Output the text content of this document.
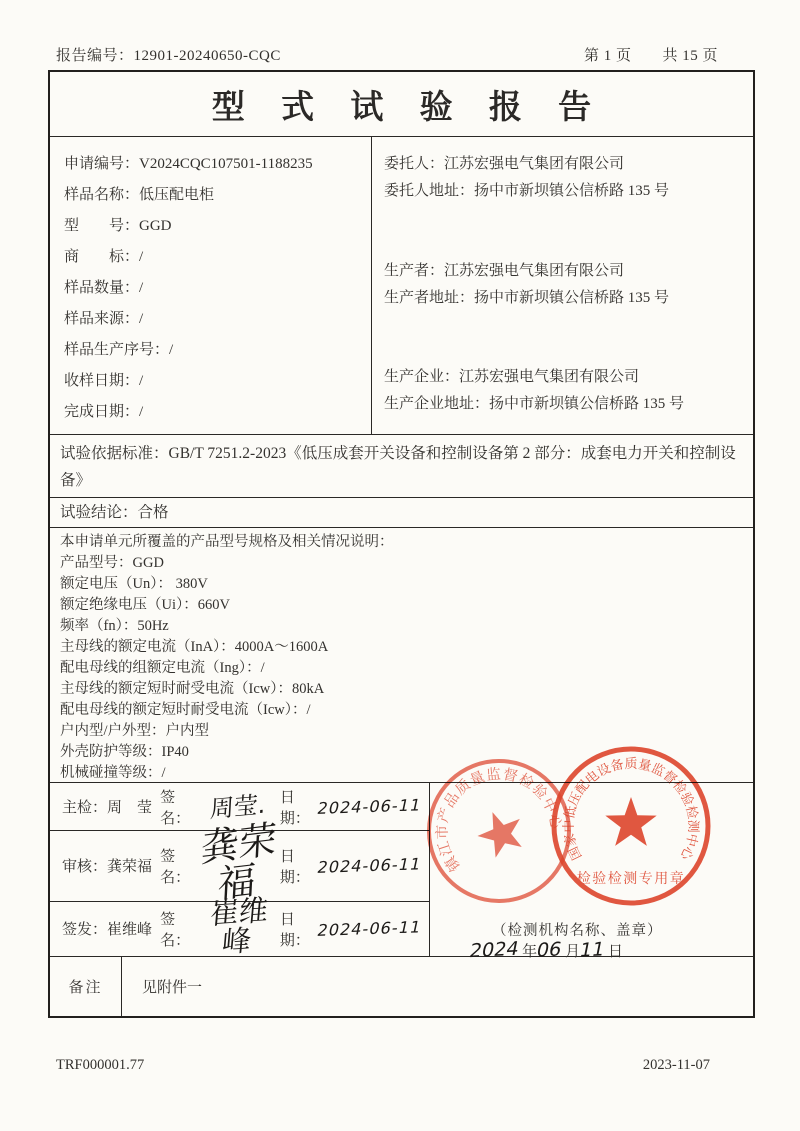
报告编号：12901-20240650-CQC	第 1 页　　共 15 页
型 式 试 验 报 告
申请编号：V2024CQC107501-1188235
样品名称：低压配电柜
型　　号：GGD
商　　标：/
样品数量：/
样品来源：/
样品生产序号：/
收样日期：/
完成日期：/
委托人：江苏宏强电气集团有限公司
委托人地址：扬中市新坝镇公信桥路 135 号
生产者：江苏宏强电气集团有限公司
生产者地址：扬中市新坝镇公信桥路 135 号
生产企业：江苏宏强电气集团有限公司
生产企业地址：扬中市新坝镇公信桥路 135 号
试验依据标准：GB/T 7251.2-2023《低压成套开关设备和控制设备第 2 部分：成套电力开关和控制设备》
试验结论：合格
本申请单元所覆盖的产品型号规格及相关情况说明：
产品型号：GGD
额定电压（Un）： 380V
额定绝缘电压（Ui）：660V
频率（fn）：50Hz
主母线的额定电流（InA）：4000A～1600A
配电母线的组额定电流（Ing）：/
主母线的额定短时耐受电流（Icw）：80kA
配电母线的额定短时耐受电流（Icw）：/
户内型/户外型：户内型
外壳防护等级：IP40
机械碰撞等级：/
主检：周　莹
签名： 周莹. 日期：
2024-06-11
审核：龚荣福
签名：
龚荣福
日期：
2024-06-11
签发：崔维峰
签名：
崔维峰
日期：
2024-06-11	（检测机构名称、盖章）
2024 年06 月11 日
备注	见附件一
镇江市产品质量监督检验中心
国家中低压配电设备质量监督检验检测中心
检验检测专用章
TRF000001.77	2023-11-07
